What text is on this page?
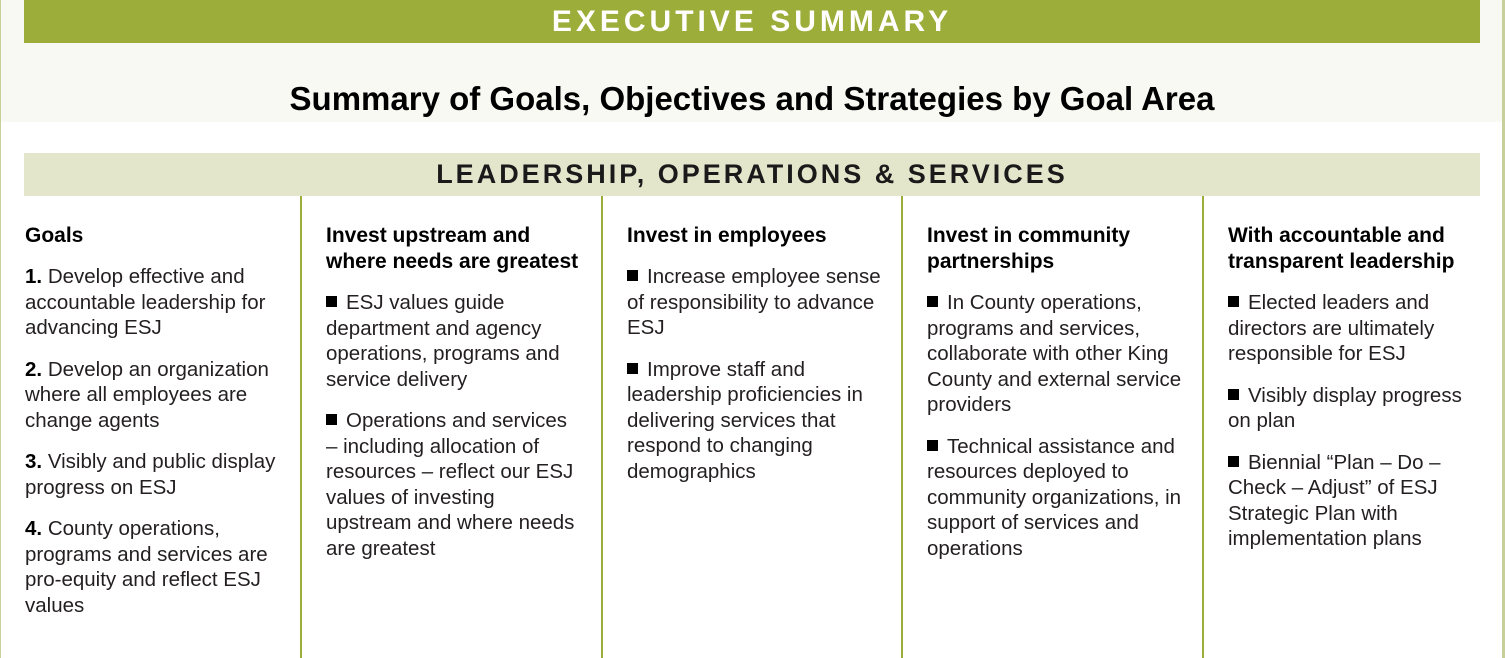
EXECUTIVE SUMMARY
Summary of Goals, Objectives and Strategies by Goal Area
LEADERSHIP, OPERATIONS & SERVICES
Goals
1. Develop effective and accountable leadership for advancing ESJ
2. Develop an organization where all employees are change agents
3. Visibly and public display progress on ESJ
4. County operations, programs and services are pro-equity and reflect ESJ values
Invest upstream and where needs are greatest
ESJ values guide department and agency operations, programs and service delivery
Operations and services – including allocation of resources – reflect our ESJ values of investing upstream and where needs are greatest
Invest in employees
Increase employee sense of responsibility to advance ESJ
Improve staff and leadership proficiencies in delivering services that respond to changing demographics
Invest in community partnerships
In County operations, programs and services, collaborate with other King County and external service providers
Technical assistance and resources deployed to community organizations, in support of services and operations
With accountable and transparent leadership
Elected leaders and directors are ultimately responsible for ESJ
Visibly display progress on plan
Biennial “Plan – Do – Check – Adjust” of ESJ Strategic Plan with implementation plans
